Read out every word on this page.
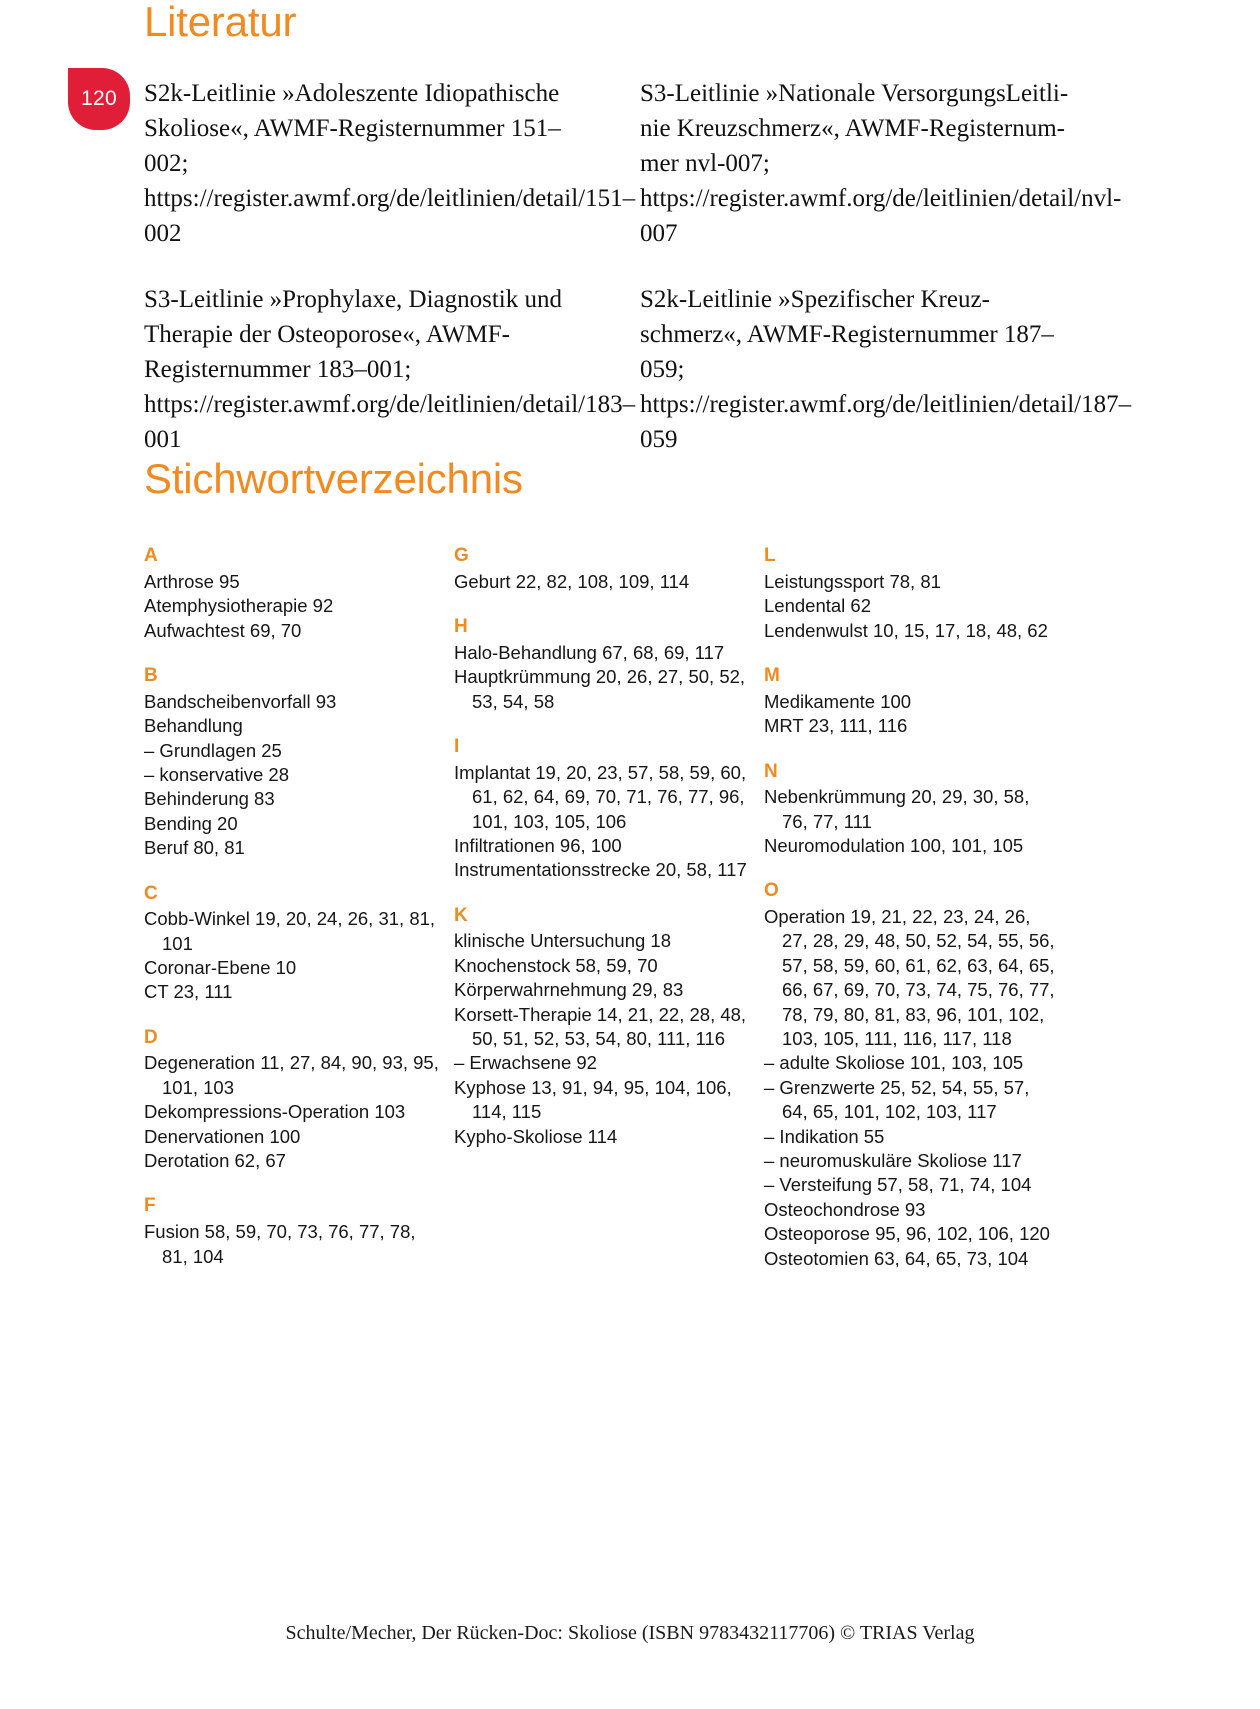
120
Literatur

S2k-Leitlinie »Adoleszente Idiopathische Skoliose«, AWMF-Registernummer 151–002; https://register.awmf.org/de/leitlinien/detail/151–002

S3-Leitlinie »Prophylaxe, Diagnostik und Therapie der Osteoporose«, AWMF-Registernummer 183–001; https://register.awmf.org/de/leitlinien/detail/183–001

S3-Leitlinie »Nationale VersorgungsLeitlinie Kreuzschmerz«, AWMF-Registernummer nvl-007; https://register.awmf.org/de/leitlinien/detail/nvl-007

S2k-Leitlinie »Spezifischer Kreuzschmerz«, AWMF-Registernummer 187–059; https://register.awmf.org/de/leitlinien/detail/187–059

Stichwortverzeichnis
A

Arthrose 95

Atemphysiotherapie 92

Aufwachtest 69, 70

B

Bandscheibenvorfall 93

Behandlung

– Grundlagen 25

– konservative 28

Behinderung 83

Bending 20

Beruf 80, 81

C

Cobb-Winkel 19, 20, 24, 26, 31, 81, 101

Coronar-Ebene 10

CT 23, 111

D

Degeneration 11, 27, 84, 90, 93, 95, 101, 103

Dekompressions-Operation 103

Denervationen 100

Derotation 62, 67

F

Fusion 58, 59, 70, 73, 76, 77, 78, 81, 104

G

Geburt 22, 82, 108, 109, 114

H

Halo-Behandlung 67, 68, 69, 117

Hauptkrümmung 20, 26, 27, 50, 52, 53, 54, 58

I

Implantat 19, 20, 23, 57, 58, 59, 60, 61, 62, 64, 69, 70, 71, 76, 77, 96, 101, 103, 105, 106

Infiltrationen 96, 100

Instrumentationsstrecke 20, 58, 117

K

klinische Untersuchung 18

Knochenstock 58, 59, 70

Körperwahrnehmung 29, 83

Korsett-Therapie 14, 21, 22, 28, 48, 50, 51, 52, 53, 54, 80, 111, 116

– Erwachsene 92

Kyphose 13, 91, 94, 95, 104, 106, 114, 115

Kypho-Skoliose 114

L

Leistungssport 78, 81

Lendental 62

Lendenwulst 10, 15, 17, 18, 48, 62

M

Medikamente 100

MRT 23, 111, 116

N

Nebenkrümmung 20, 29, 30, 58, 76, 77, 111

Neuromodulation 100, 101, 105

O

Operation 19, 21, 22, 23, 24, 26, 27, 28, 29, 48, 50, 52, 54, 55, 56, 57, 58, 59, 60, 61, 62, 63, 64, 65, 66, 67, 69, 70, 73, 74, 75, 76, 77, 78, 79, 80, 81, 83, 96, 101, 102, 103, 105, 111, 116, 117, 118

– adulte Skoliose 101, 103, 105

– Grenzwerte 25, 52, 54, 55, 57, 64, 65, 101, 102, 103, 117

– Indikation 55

– neuromuskuläre Skoliose 117

– Versteifung 57, 58, 71, 74, 104

Osteochondrose 93

Osteoporose 95, 96, 102, 106, 120

Osteotomien 63, 64, 65, 73, 104

Schulte/Mecher, Der Rücken-Doc: Skoliose (ISBN 9783432117706) © TRIAS Verlag
